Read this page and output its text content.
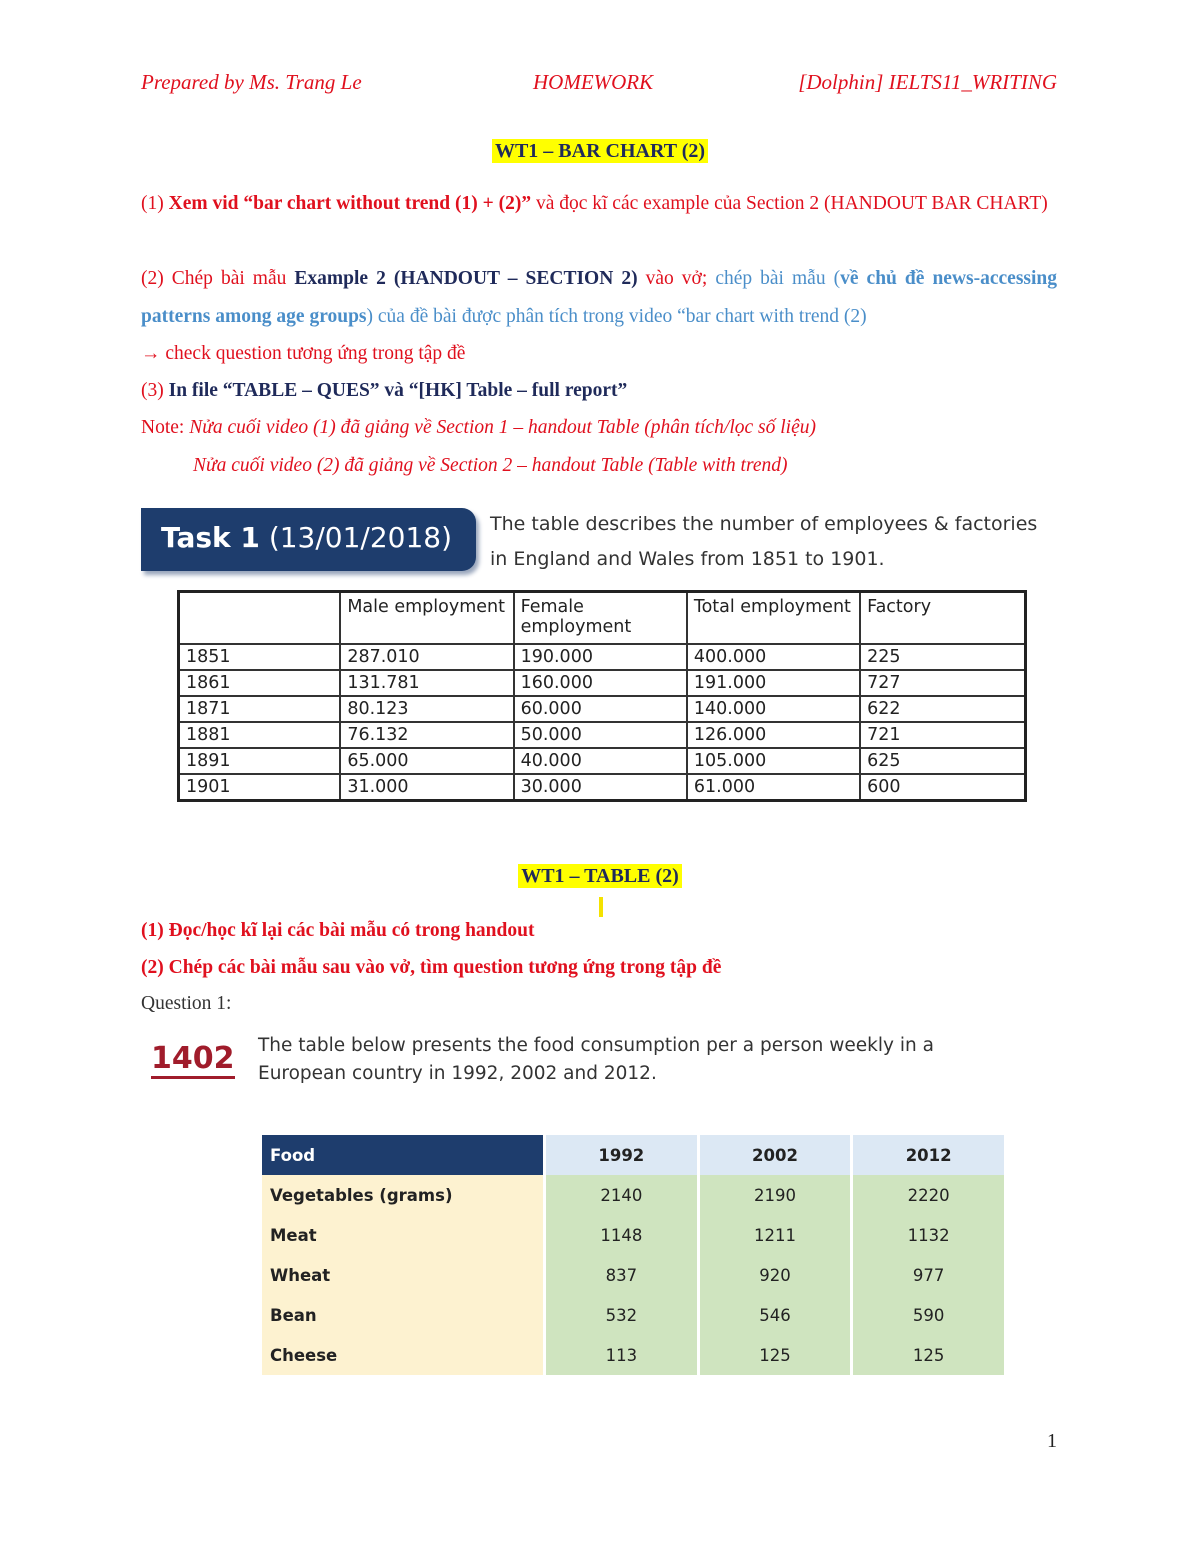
Prepared by Ms. Trang Le	HOMEWORK	[Dolphin] IELTS11_WRITING
WT1 – BAR CHART (2)
(1) Xem vid “bar chart without trend (1) + (2)” và đọc kĩ các example của Section 2 (HANDOUT BAR CHART)
(2) Chép bài mẫu Example 2 (HANDOUT – SECTION 2) vào vở; chép bài mẫu (về chủ đề news-accessing patterns among age groups) của đề bài được phân tích trong video “bar chart with trend (2)
→ check question tương ứng trong tập đề
(3) In file “TABLE – QUES” và “[HK] Table – full report”
Note: Nửa cuối video (1) đã giảng về Section 1 – handout Table (phân tích/lọc số liệu)
Nửa cuối video (2) đã giảng về Section 2 – handout Table (Table with trend)
Task 1 (13/01/2018)	The table describes the number of employees & factories in England and Wales from 1851 to 1901.
	Male employment	Female employment	Total employment	Factory
1851	287.010	190.000	400.000	225
1861	131.781	160.000	191.000	727
1871	80.123	60.000	140.000	622
1881	76.132	50.000	126.000	721
1891	65.000	40.000	105.000	625
1901	31.000	30.000	61.000	600
WT1 – TABLE (2)
(1) Đọc/học kĩ lại các bài mẫu có trong handout
(2) Chép các bài mẫu sau vào vở, tìm question tương ứng trong tập đề
Question 1:
1402 The table below presents the food consumption per a person weekly in a European country in 1992, 2002 and 2012.
Food	1992	2002	2012
Vegetables (grams)	2140	2190	2220
Meat	1148	1211	1132
Wheat	837	920	977
Bean	532	546	590
Cheese	113	125	125
1
